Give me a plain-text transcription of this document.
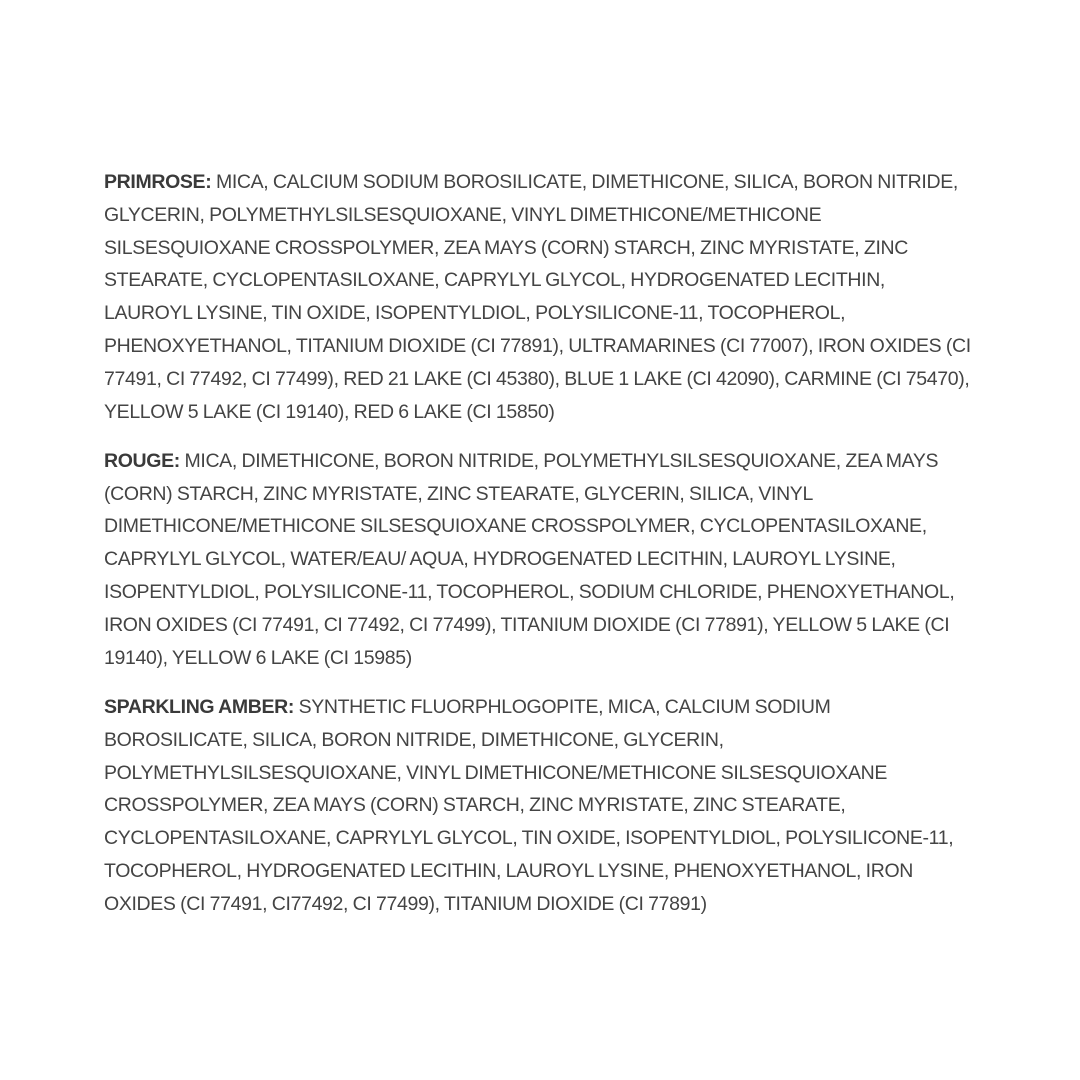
PRIMROSE: MICA, CALCIUM SODIUM BOROSILICATE, DIMETHICONE, SILICA, BORON NITRIDE, GLYCERIN, POLYMETHYLSILSESQUIOXANE, VINYL DIMETHICONE/METHICONE SILSESQUIOXANE CROSSPOLYMER, ZEA MAYS (CORN) STARCH, ZINC MYRISTATE, ZINC STEARATE, CYCLOPENTASILOXANE, CAPRYLYL GLYCOL, HYDROGENATED LECITHIN, LAUROYL LYSINE, TIN OXIDE, ISOPENTYLDIOL, POLYSILICONE-11, TOCOPHEROL, PHENOXYETHANOL, TITANIUM DIOXIDE (CI 77891), ULTRAMARINES (CI 77007), IRON OXIDES (CI 77491, CI 77492, CI 77499), RED 21 LAKE (CI 45380), BLUE 1 LAKE (CI 42090), CARMINE (CI 75470), YELLOW 5 LAKE (CI 19140), RED 6 LAKE (CI 15850)

ROUGE: MICA, DIMETHICONE, BORON NITRIDE, POLYMETHYLSILSESQUIOXANE, ZEA MAYS (CORN) STARCH, ZINC MYRISTATE, ZINC STEARATE, GLYCERIN, SILICA, VINYL DIMETHICONE/METHICONE SILSESQUIOXANE CROSSPOLYMER, CYCLOPENTASILOXANE, CAPRYLYL GLYCOL, WATER/EAU/ AQUA, HYDROGENATED LECITHIN, LAUROYL LYSINE, ISOPENTYLDIOL, POLYSILICONE-11, TOCOPHEROL, SODIUM CHLORIDE, PHENOXYETHANOL, IRON OXIDES (CI 77491, CI 77492, CI 77499), TITANIUM DIOXIDE (CI 77891), YELLOW 5 LAKE (CI 19140), YELLOW 6 LAKE (CI 15985)

SPARKLING AMBER: SYNTHETIC FLUORPHLOGOPITE, MICA, CALCIUM SODIUM BOROSILICATE, SILICA, BORON NITRIDE, DIMETHICONE, GLYCERIN, POLYMETHYLSILSESQUIOXANE, VINYL DIMETHICONE/METHICONE SILSESQUIOXANE CROSSPOLYMER, ZEA MAYS (CORN) STARCH, ZINC MYRISTATE, ZINC STEARATE, CYCLOPENTASILOXANE, CAPRYLYL GLYCOL, TIN OXIDE, ISOPENTYLDIOL, POLYSILICONE-11, TOCOPHEROL, HYDROGENATED LECITHIN, LAUROYL LYSINE, PHENOXYETHANOL, IRON OXIDES (CI 77491, CI77492, CI 77499), TITANIUM DIOXIDE (CI 77891)
